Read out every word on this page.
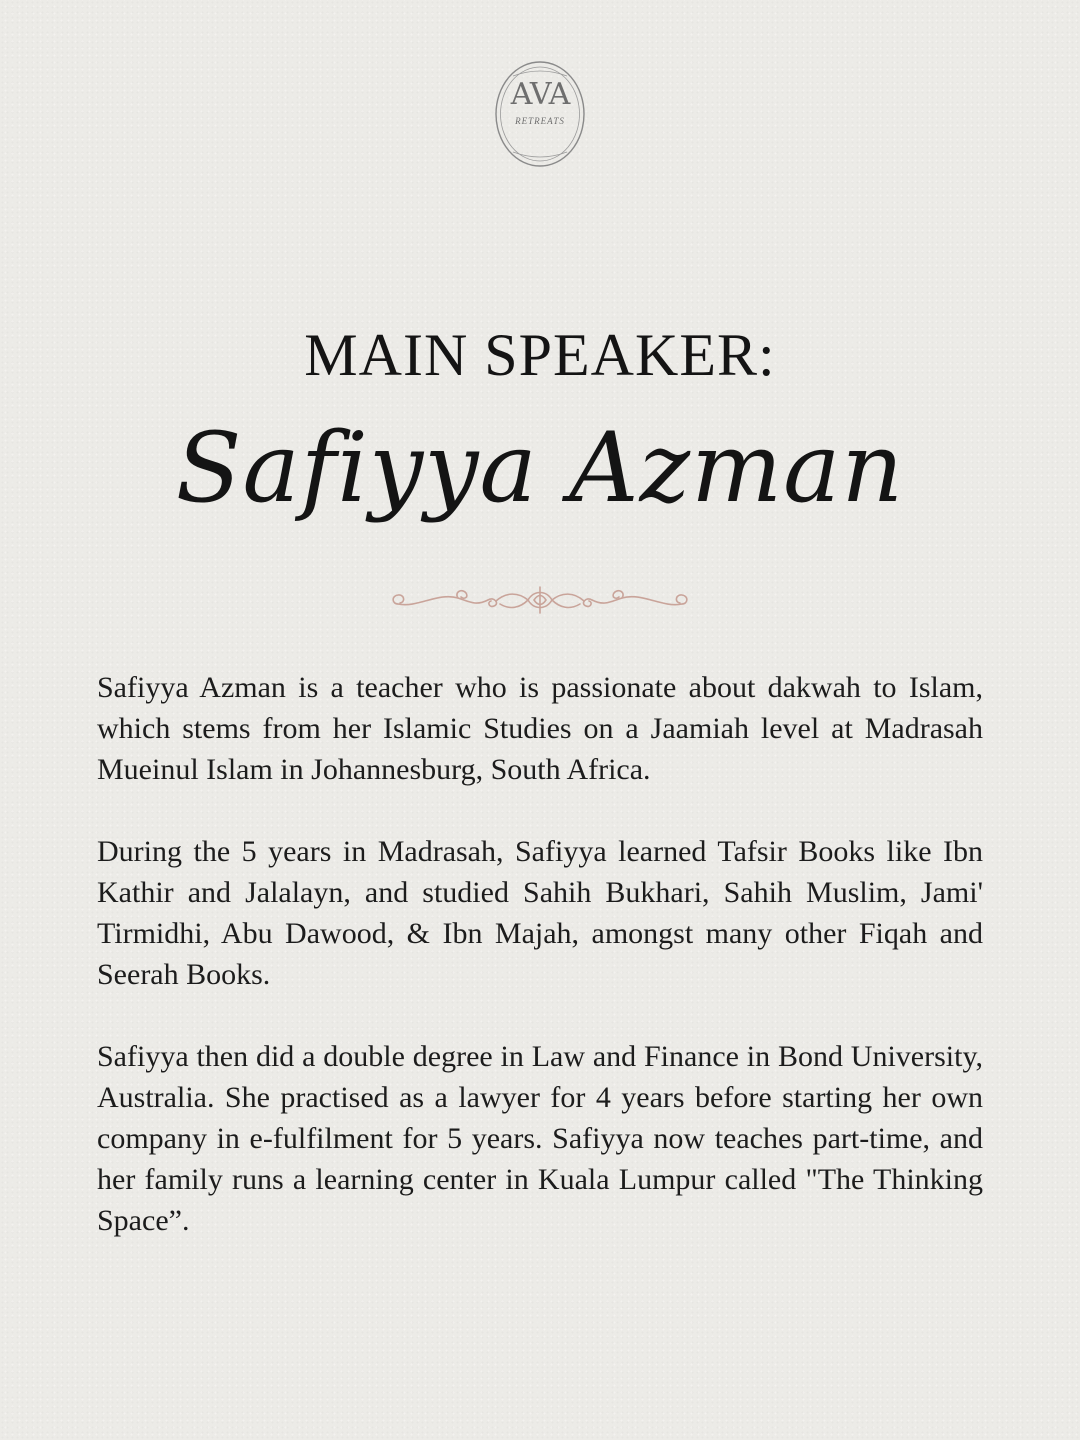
AVA
RETREATS
MAIN SPEAKER:
Safiyya Azman

Safiyya Azman is a teacher who is passionate about dakwah to Islam, which stems from her Islamic Studies on a Jaamiah level at Madrasah Mueinul Islam in Johannesburg, South Africa.

During the 5 years in Madrasah, Safiyya learned Tafsir Books like Ibn Kathir and Jalalayn, and studied Sahih Bukhari, Sahih Muslim, Jami' Tirmidhi, Abu Dawood, & Ibn Majah, amongst many other Fiqah and Seerah Books.

Safiyya then did a double degree in Law and Finance in Bond University, Australia. She practised as a lawyer for 4 years before starting her own company in e-fulfilment for 5 years. Safiyya now teaches part-time, and her family runs a learning center in Kuala Lumpur called "The Thinking Space”.
